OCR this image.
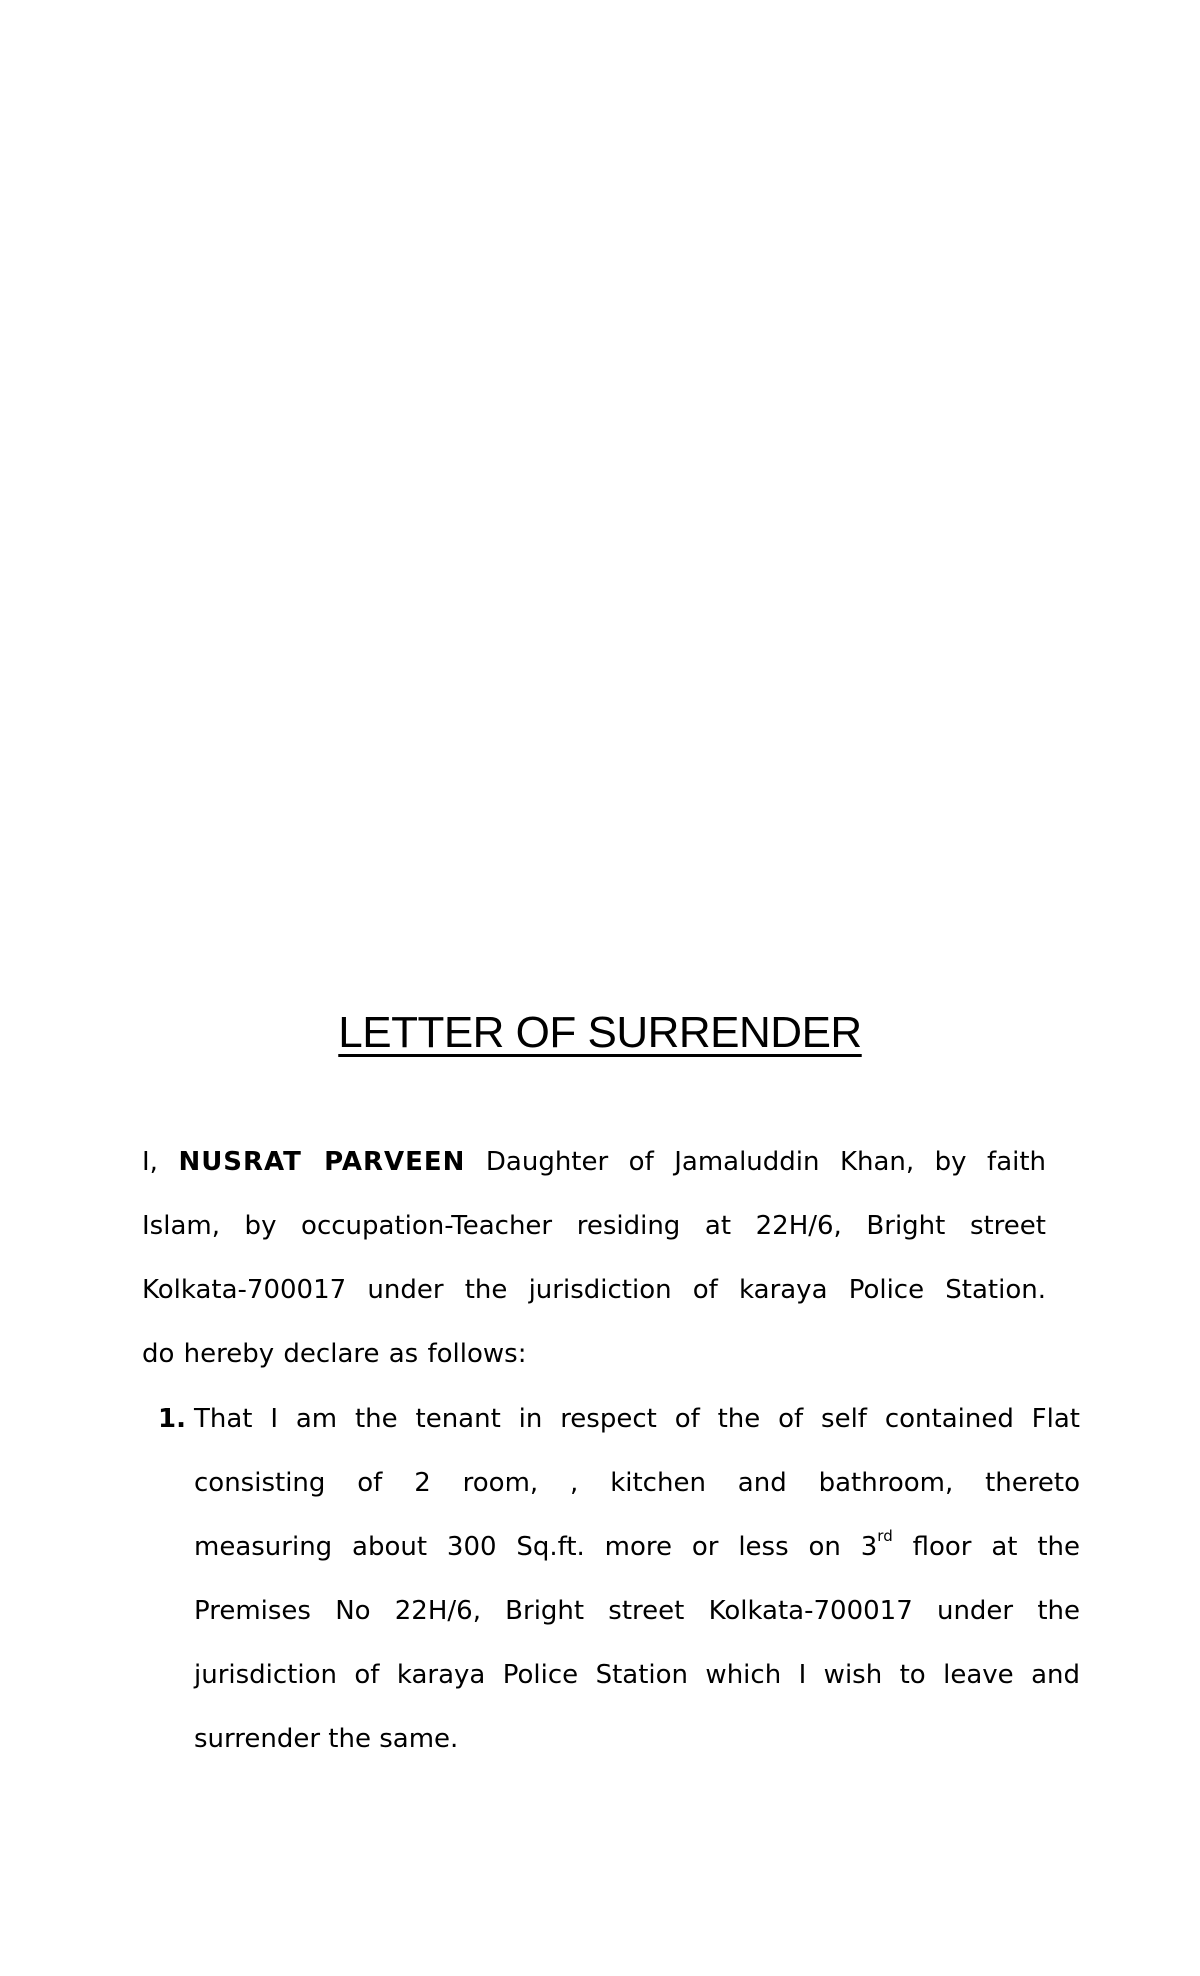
LETTER OF SURRENDER
I, NUSRAT PARVEEN Daughter of Jamaluddin Khan, by faith
Islam, by occupation-Teacher residing at 22H/6, Bright street
Kolkata-700017 under the jurisdiction of karaya Police Station.
do hereby declare as follows:
1. That I am the tenant in respect of the of self contained Flat
consisting of 2 room, , kitchen and bathroom, thereto
measuring about 300 Sq.ft. more or less on 3rd floor at the
Premises No 22H/6, Bright street Kolkata-700017 under the
jurisdiction of karaya Police Station which I wish to leave and
surrender the same.
